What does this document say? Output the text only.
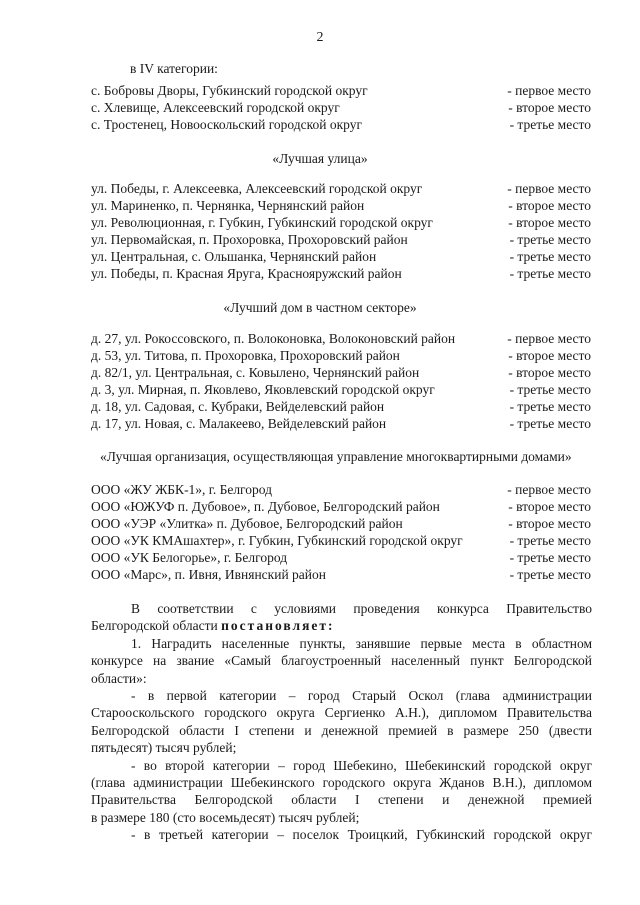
2
в IV категории:
с. Бобровы Дворы, Губкинский городской округ	- первое место
с. Хлевище, Алексеевский городской округ	- второе место
с. Тростенец, Новооскольский городской округ	- третье место
«Лучшая улица»
ул. Победы, г. Алексеевка, Алексеевский городской округ	- первое место
ул. Мариненко, п. Чернянка, Чернянский район	- второе место
ул. Революционная, г. Губкин, Губкинский городской округ	- второе место
ул. Первомайская, п. Прохоровка, Прохоровский район	- третье место
ул. Центральная, с. Ольшанка, Чернянский район	- третье место
ул. Победы, п. Красная Яруга, Краснояружский район	- третье место
«Лучший дом в частном секторе»
д. 27, ул. Рокоссовского, п. Волоконовка, Волоконовский район	- первое место
д. 53, ул. Титова, п. Прохоровка, Прохоровский район	- второе место
д. 82/1, ул. Центральная, с. Ковылено, Чернянский район	- второе место
д. 3, ул. Мирная, п. Яковлево, Яковлевский городской округ	- третье место
д. 18, ул. Садовая, с. Кубраки, Вейделевский район	- третье место
д. 17, ул. Новая, с. Малакеево, Вейделевский район	- третье место
«Лучшая организация, осуществляющая управление многоквартирными домами»
ООО «ЖУ ЖБК-1», г. Белгород	- первое место
ООО «ЮЖУФ п. Дубовое», п. Дубовое, Белгородский район	- второе место
ООО «УЭР «Улитка» п. Дубовое, Белгородский район	- второе место
ООО «УК КМАшахтер», г. Губкин, Губкинский городской округ	- третье место
ООО «УК Белогорье», г. Белгород	- третье место
ООО «Марс», п. Ивня, Ивнянский район	- третье место
В соответствии с условиями проведения конкурса Правительство
Белгородской области постановляет:
1. Наградить населенные пункты, занявшие первые места в областном
конкурсе на звание «Самый благоустроенный населенный пункт Белгородской
области»:
- в первой категории – город Старый Оскол (глава администрации
Старооскольского городского округа Сергиенко А.Н.), дипломом Правительства
Белгородской области I степени и денежной премией в размере 250 (двести
пятьдесят) тысяч рублей;
- во второй категории – город Шебекино, Шебекинский городской округ
(глава администрации Шебекинского городского округа Жданов В.Н.), дипломом
Правительства Белгородской области I степени и денежной премией
в размере 180 (сто восемьдесят) тысяч рублей;
- в третьей категории – поселок Троицкий, Губкинский городской округ
